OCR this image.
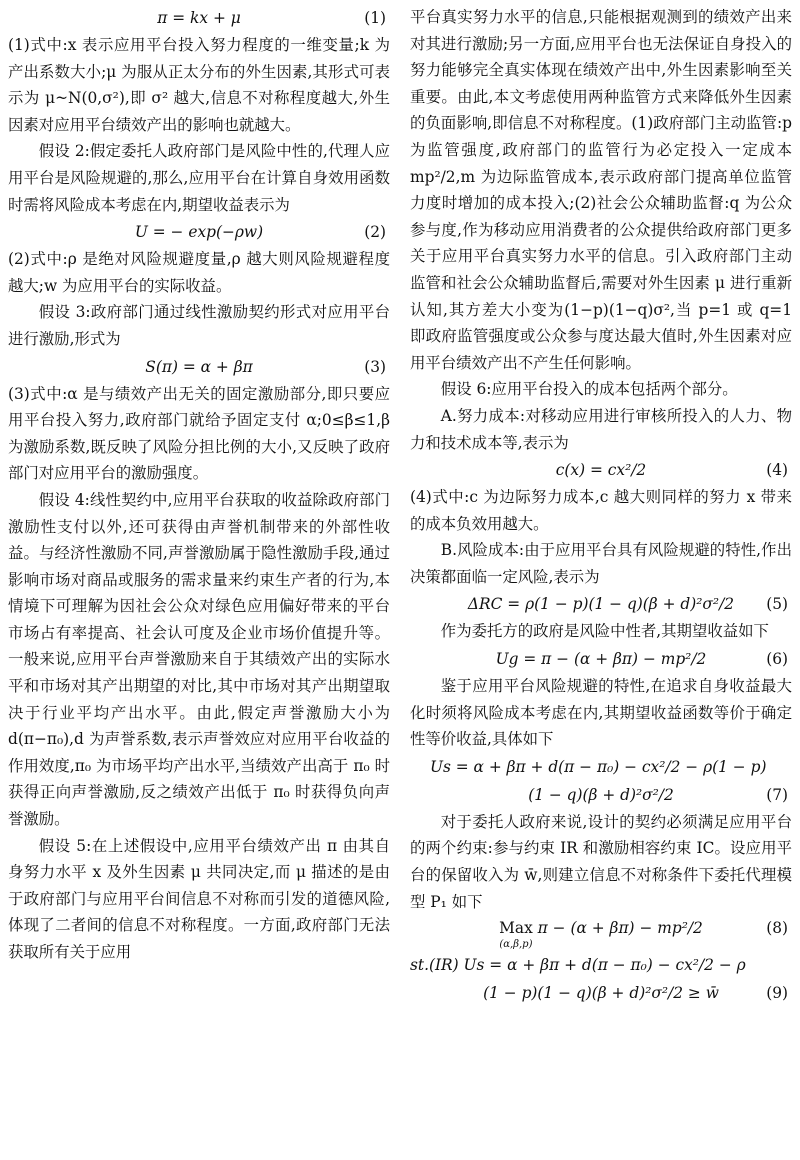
π = kx + μ	(1)

(1)式中:x 表示应用平台投入努力程度的一维变量;k 为产出系数大小;μ 为服从正太分布的外生因素,其形式可表示为 μ~N(0,σ²),即 σ² 越大,信息不对称程度越大,外生因素对应用平台绩效产出的影响也就越大。

假设 2:假定委托人政府部门是风险中性的,代理人应用平台是风险规避的,那么,应用平台在计算自身效用函数时需将风险成本考虑在内,期望收益表示为

U = − exp(−ρw)	(2)

(2)式中:ρ 是绝对风险规避度量,ρ 越大则风险规避程度越大;w 为应用平台的实际收益。

假设 3:政府部门通过线性激励契约形式对应用平台进行激励,形式为

S(π) = α + βπ	(3)

(3)式中:α 是与绩效产出无关的固定激励部分,即只要应用平台投入努力,政府部门就给予固定支付 α;0≤β≤1,β 为激励系数,既反映了风险分担比例的大小,又反映了政府部门对应用平台的激励强度。

假设 4:线性契约中,应用平台获取的收益除政府部门激励性支付以外,还可获得由声誉机制带来的外部性收益。与经济性激励不同,声誉激励属于隐性激励手段,通过影响市场对商品或服务的需求量来约束生产者的行为,本情境下可理解为因社会公众对绿色应用偏好带来的平台市场占有率提高、社会认可度及企业市场价值提升等。一般来说,应用平台声誉激励来自于其绩效产出的实际水平和市场对其产出期望的对比,其中市场对其产出期望取决于行业平均产出水平。由此,假定声誉激励大小为 d(π−π₀),d 为声誉系数,表示声誉效应对应用平台收益的作用效度,π₀ 为市场平均产出水平,当绩效产出高于 π₀ 时获得正向声誉激励,反之绩效产出低于 π₀ 时获得负向声誉激励。

假设 5:在上述假设中,应用平台绩效产出 π 由其自身努力水平 x 及外生因素 μ 共同决定,而 μ 描述的是由于政府部门与应用平台间信息不对称而引发的道德风险,体现了二者间的信息不对称程度。一方面,政府部门无法获取所有关于应用

平台真实努力水平的信息,只能根据观测到的绩效产出来对其进行激励;另一方面,应用平台也无法保证自身投入的努力能够完全真实体现在绩效产出中,外生因素影响至关重要。由此,本文考虑使用两种监管方式来降低外生因素的负面影响,即信息不对称程度。(1)政府部门主动监管:p 为监管强度,政府部门的监管行为必定投入一定成本 mp²/2,m 为边际监管成本,表示政府部门提高单位监管力度时增加的成本投入;(2)社会公众辅助监督:q 为公众参与度,作为移动应用消费者的公众提供给政府部门更多关于应用平台真实努力水平的信息。引入政府部门主动监管和社会公众辅助监督后,需要对外生因素 μ 进行重新认知,其方差大小变为(1−p)(1−q)σ²,当 p=1 或 q=1 即政府监管强度或公众参与度达最大值时,外生因素对应用平台绩效产出不产生任何影响。

假设 6:应用平台投入的成本包括两个部分。

A.努力成本:对移动应用进行审核所投入的人力、物力和技术成本等,表示为

c(x) = cx²/2	(4)

(4)式中:c 为边际努力成本,c 越大则同样的努力 x 带来的成本负效用越大。

B.风险成本:由于应用平台具有风险规避的特性,作出决策都面临一定风险,表示为

ΔRC = ρ(1 − p)(1 − q)(β + d)²σ²/2	(5)

作为委托方的政府是风险中性者,其期望收益如下

Ug = π − (α + βπ) − mp²/2	(6)

鉴于应用平台风险规避的特性,在追求自身收益最大化时须将风险成本考虑在内,其期望收益函数等价于确定性等价收益,具体如下

Us = α + βπ + d(π − π₀) − cx²/2 − ρ(1 − p)
(1 − q)(β + d)²σ²/2	(7)

对于委托人政府来说,设计的契约必须满足应用平台的两个约束:参与约束 IR 和激励相容约束 IC。设应用平台的保留收入为 w̄,则建立信息不对称条件下委托代理模型 P₁ 如下

Max
(α,β,p)
π − (α + βπ) − mp²/2	(8)
st.(IR) Us = α + βπ + d(π − π₀) − cx²/2 − ρ
(1 − p)(1 − q)(β + d)²σ²/2 ≥ w̄	(9)
